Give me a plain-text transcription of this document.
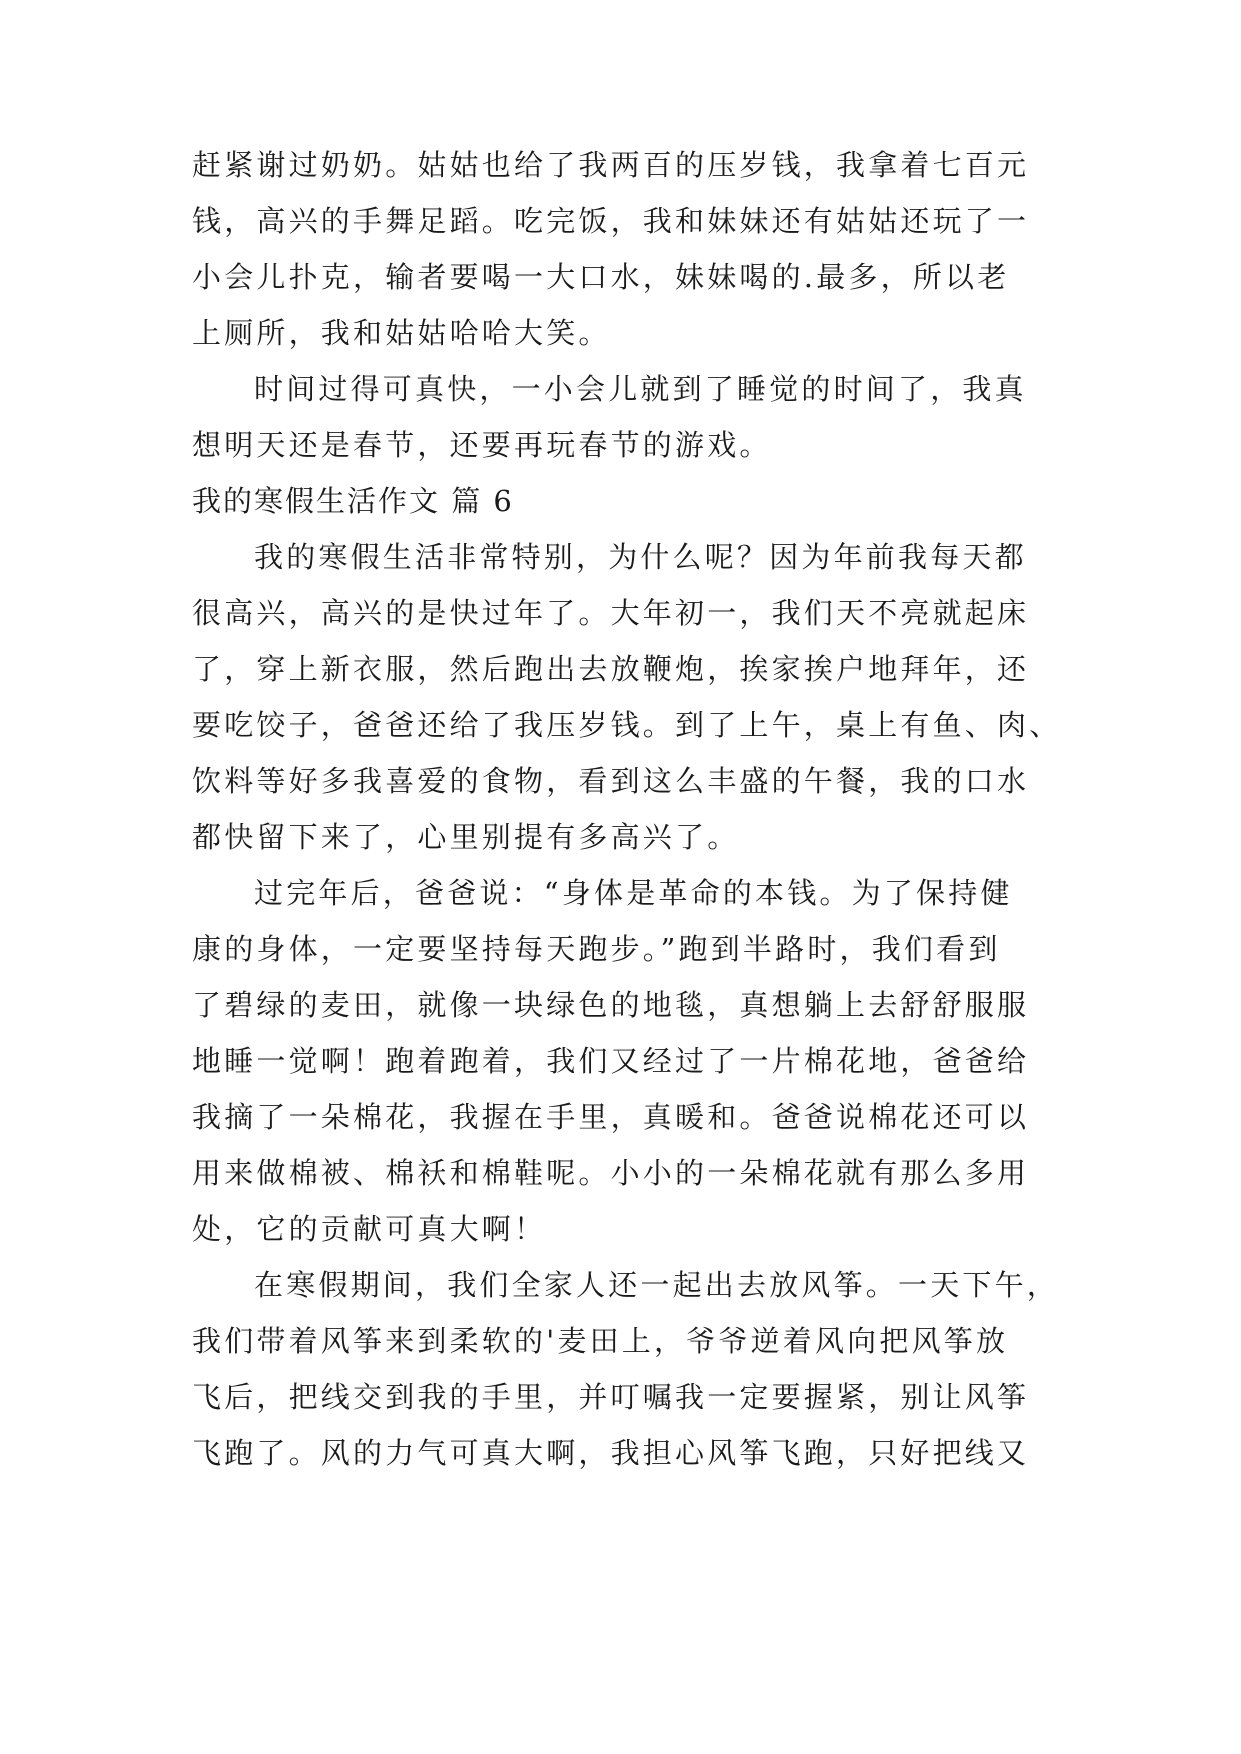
赶紧谢过奶奶。姑姑也给了我两百的压岁钱，我拿着七百元
钱，高兴的手舞足蹈。吃完饭，我和妹妹还有姑姑还玩了一
小会儿扑克，输者要喝一大口水，妹妹喝的.最多，所以老
上厕所，我和姑姑哈哈大笑。
时间过得可真快，一小会儿就到了睡觉的时间了，我真
想明天还是春节，还要再玩春节的游戏。
我的寒假生活作文 篇 6
我的寒假生活非常特别，为什么呢？因为年前我每天都
很高兴，高兴的是快过年了。大年初一，我们天不亮就起床
了，穿上新衣服，然后跑出去放鞭炮，挨家挨户地拜年，还
要吃饺子，爸爸还给了我压岁钱。到了上午，桌上有鱼、肉、
饮料等好多我喜爱的食物，看到这么丰盛的午餐，我的口水
都快留下来了，心里别提有多高兴了。
过完年后，爸爸说：“身体是革命的本钱。为了保持健
康的身体，一定要坚持每天跑步。”跑到半路时，我们看到
了碧绿的麦田，就像一块绿色的地毯，真想躺上去舒舒服服
地睡一觉啊！跑着跑着，我们又经过了一片棉花地，爸爸给
我摘了一朵棉花，我握在手里，真暖和。爸爸说棉花还可以
用来做棉被、棉袄和棉鞋呢。小小的一朵棉花就有那么多用
处，它的贡献可真大啊！
在寒假期间，我们全家人还一起出去放风筝。一天下午，
我们带着风筝来到柔软的'麦田上，爷爷逆着风向把风筝放
飞后，把线交到我的手里，并叮嘱我一定要握紧，别让风筝
飞跑了。风的力气可真大啊，我担心风筝飞跑，只好把线又
